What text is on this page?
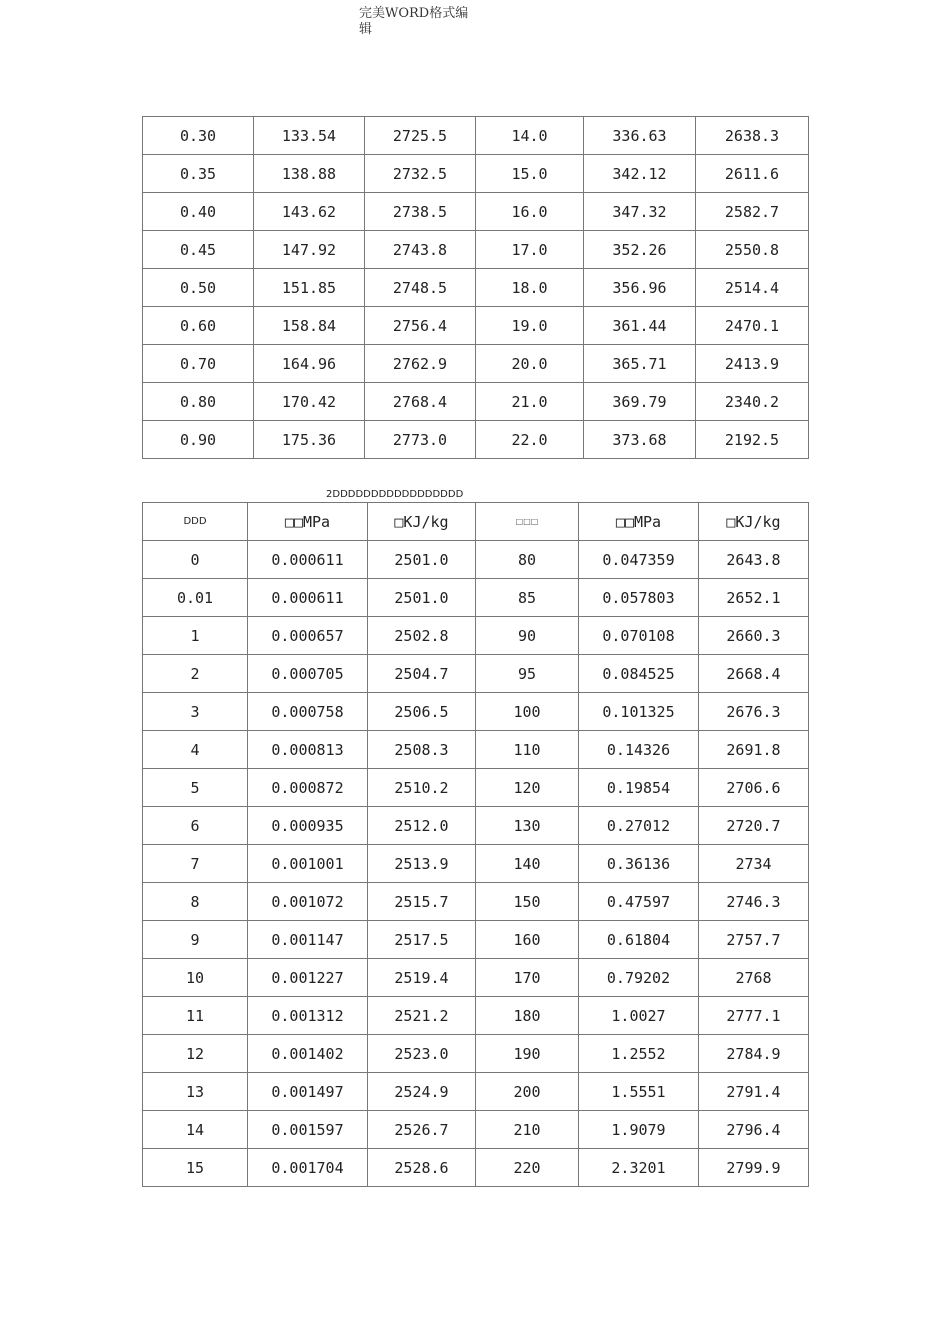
完美WORD格式编
辑
0.30	133.54	2725.5	14.0	336.63	2638.3
0.35	138.88	2732.5	15.0	342.12	2611.6
0.40	143.62	2738.5	16.0	347.32	2582.7
0.45	147.92	2743.8	17.0	352.26	2550.8
0.50	151.85	2748.5	18.0	356.96	2514.4
0.60	158.84	2756.4	19.0	361.44	2470.1
0.70	164.96	2762.9	20.0	365.71	2413.9
0.80	170.42	2768.4	21.0	369.79	2340.2
0.90	175.36	2773.0	22.0	373.68	2192.5
2DDDDDDDDDDDDDDDDD
DDD	□□MPa	□KJ/kg	□□□	□□MPa	□KJ/kg
0	0.000611	2501.0	80	0.047359	2643.8
0.01	0.000611	2501.0	85	0.057803	2652.1
1	0.000657	2502.8	90	0.070108	2660.3
2	0.000705	2504.7	95	0.084525	2668.4
3	0.000758	2506.5	100	0.101325	2676.3
4	0.000813	2508.3	110	0.14326	2691.8
5	0.000872	2510.2	120	0.19854	2706.6
6	0.000935	2512.0	130	0.27012	2720.7
7	0.001001	2513.9	140	0.36136	2734
8	0.001072	2515.7	150	0.47597	2746.3
9	0.001147	2517.5	160	0.61804	2757.7
10	0.001227	2519.4	170	0.79202	2768
11	0.001312	2521.2	180	1.0027	2777.1
12	0.001402	2523.0	190	1.2552	2784.9
13	0.001497	2524.9	200	1.5551	2791.4
14	0.001597	2526.7	210	1.9079	2796.4
15	0.001704	2528.6	220	2.3201	2799.9
